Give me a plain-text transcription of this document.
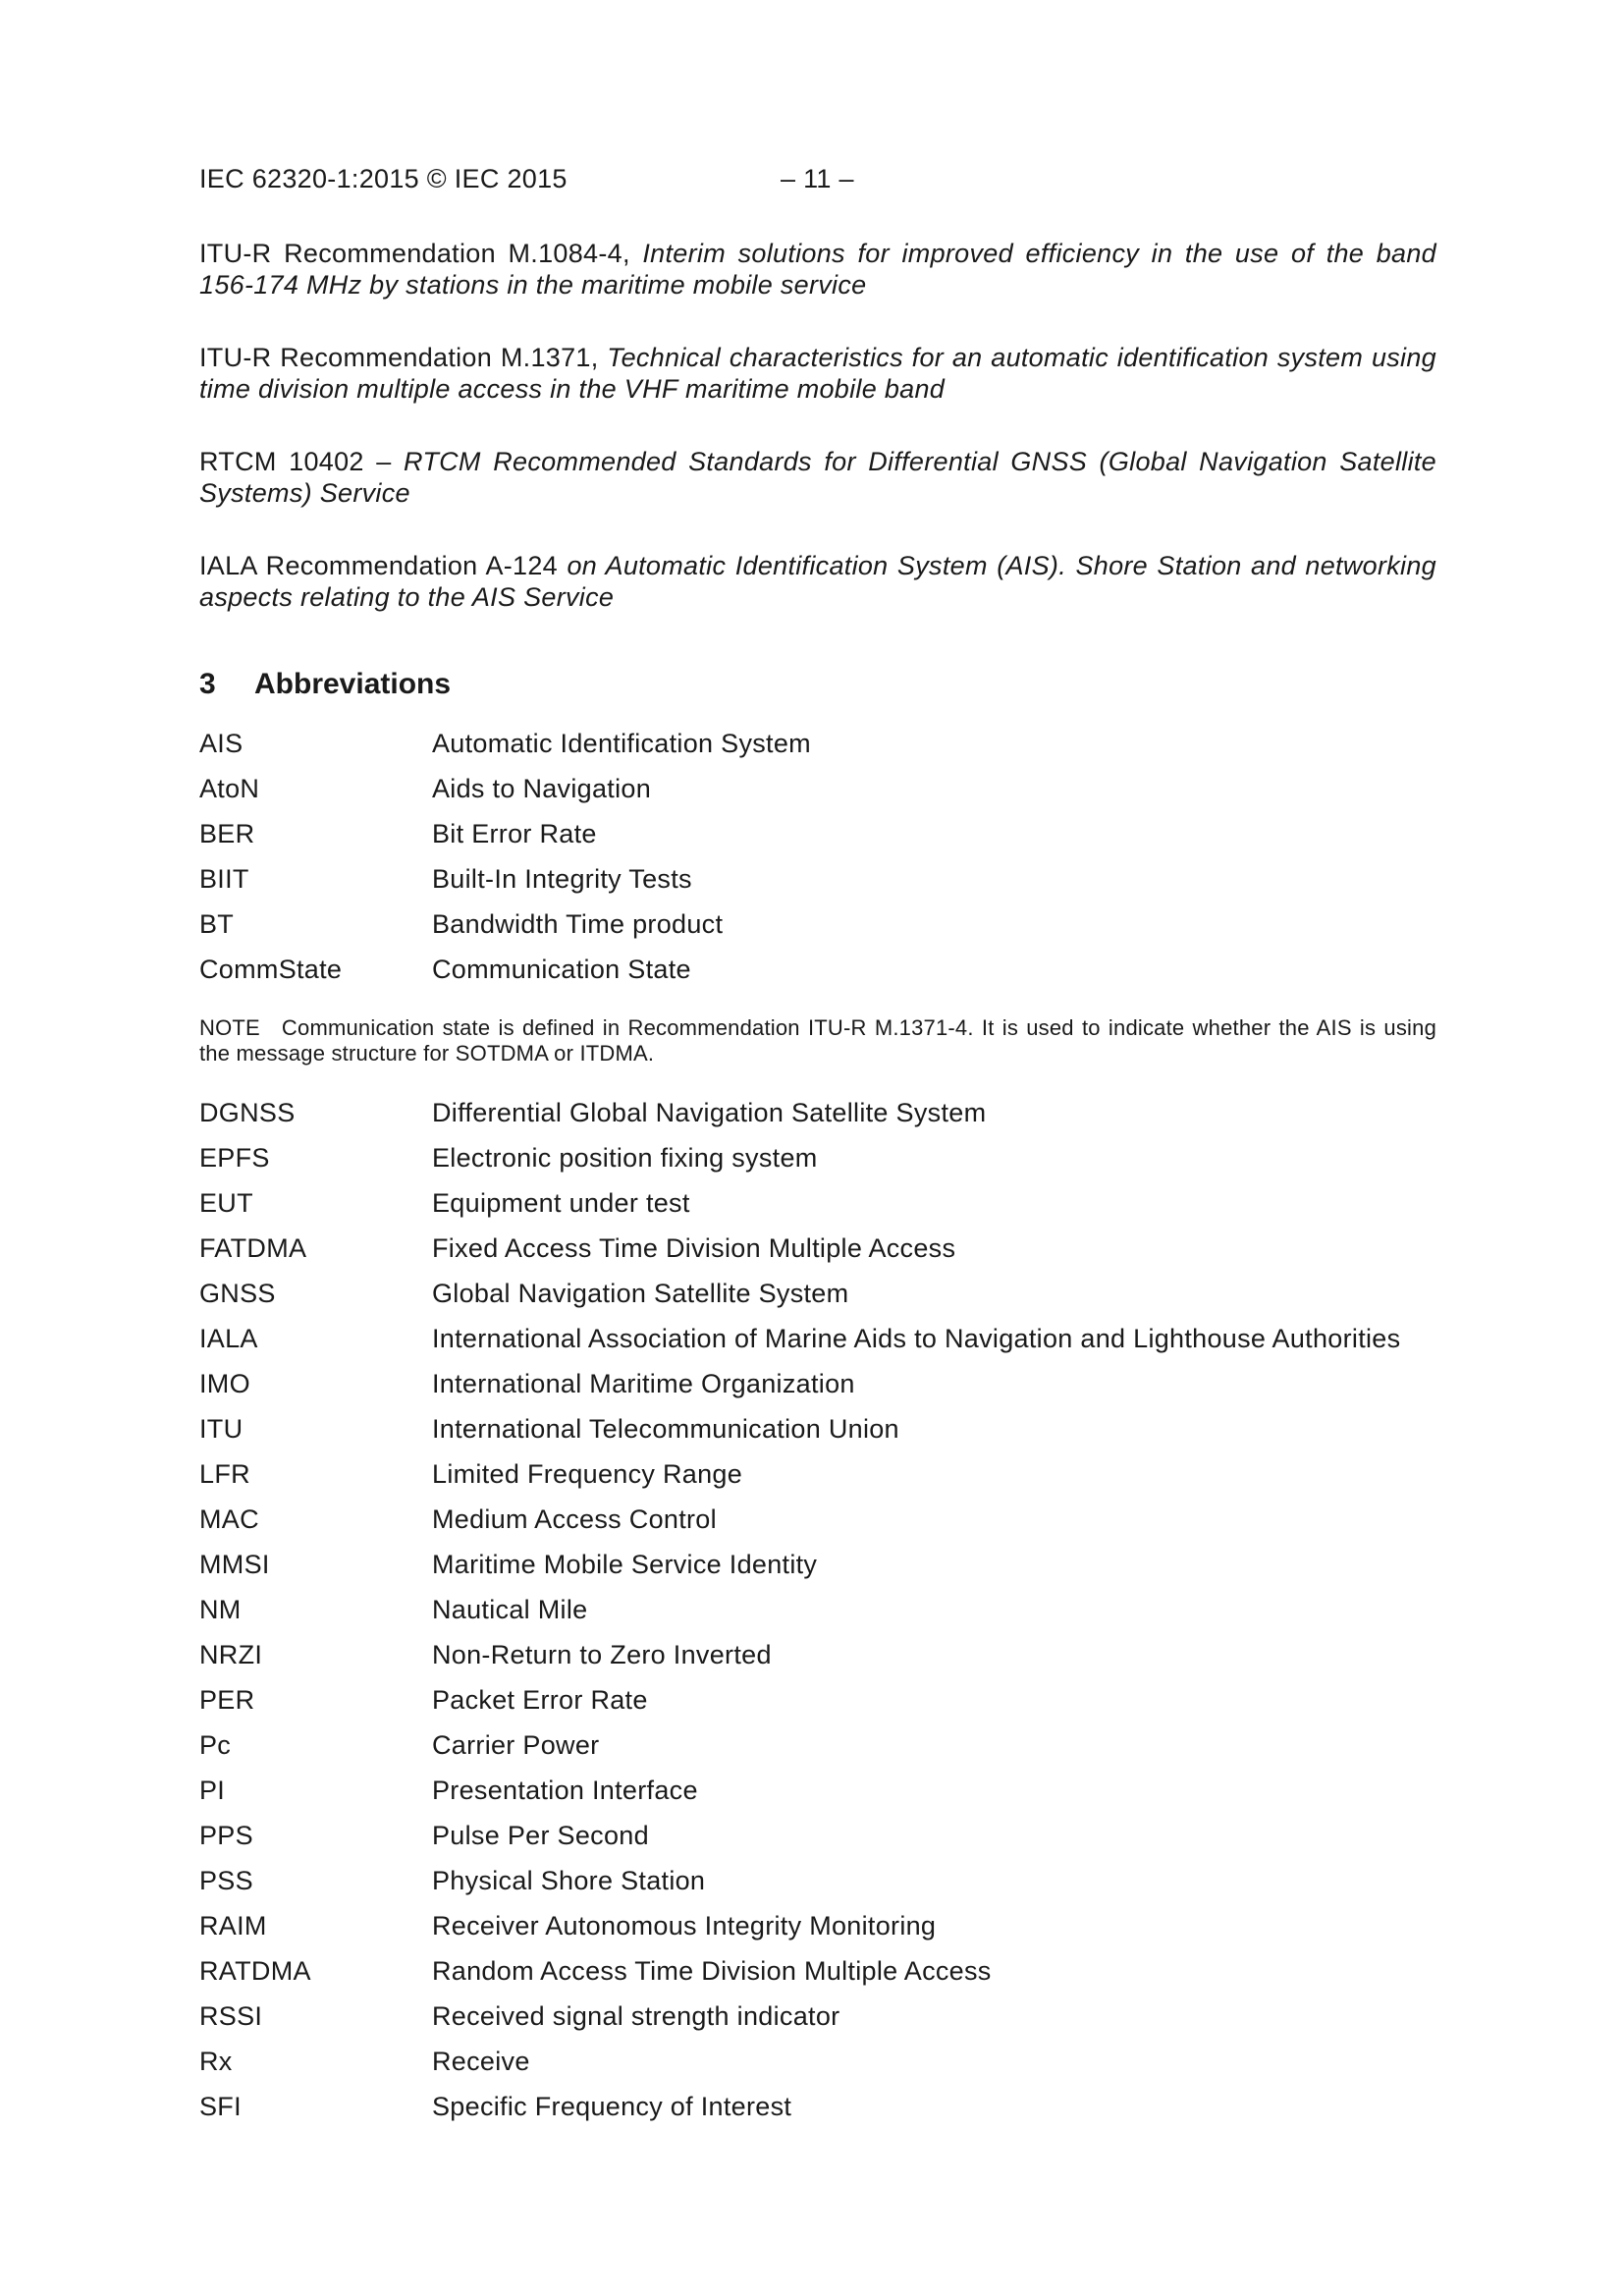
IEC 62320-1:2015 © IEC 2015	– 11 –

ITU-R Recommendation M.1084-4, Interim solutions for improved efficiency in the use of the band 156-174 MHz by stations in the maritime mobile service

ITU-R Recommendation M.1371, Technical characteristics for an automatic identification system using time division multiple access in the VHF maritime mobile band

RTCM 10402 – RTCM Recommended Standards for Differential GNSS (Global Navigation Satellite Systems) Service

IALA Recommendation A-124 on Automatic Identification System (AIS). Shore Station and networking aspects relating to the AIS Service

3 Abbreviations
AIS	Automatic Identification System
AtoN	Aids to Navigation
BER	Bit Error Rate
BIIT	Built-In Integrity Tests
BT	Bandwidth Time product
CommState	Communication State
NOTE Communication state is defined in Recommendation ITU-R M.1371-4. It is used to indicate whether the AIS is using the message structure for SOTDMA or ITDMA.
DGNSS	Differential Global Navigation Satellite System
EPFS	Electronic position fixing system
EUT	Equipment under test
FATDMA	Fixed Access Time Division Multiple Access
GNSS	Global Navigation Satellite System
IALA	International Association of Marine Aids to Navigation and Lighthouse Authorities
IMO	International Maritime Organization
ITU	International Telecommunication Union
LFR	Limited Frequency Range
MAC	Medium Access Control
MMSI	Maritime Mobile Service Identity
NM	Nautical Mile
NRZI	Non-Return to Zero Inverted
PER	Packet Error Rate
Pc	Carrier Power
PI	Presentation Interface
PPS	Pulse Per Second
PSS	Physical Shore Station
RAIM	Receiver Autonomous Integrity Monitoring
RATDMA	Random Access Time Division Multiple Access
RSSI	Received signal strength indicator
Rx	Receive
SFI	Specific Frequency of Interest
